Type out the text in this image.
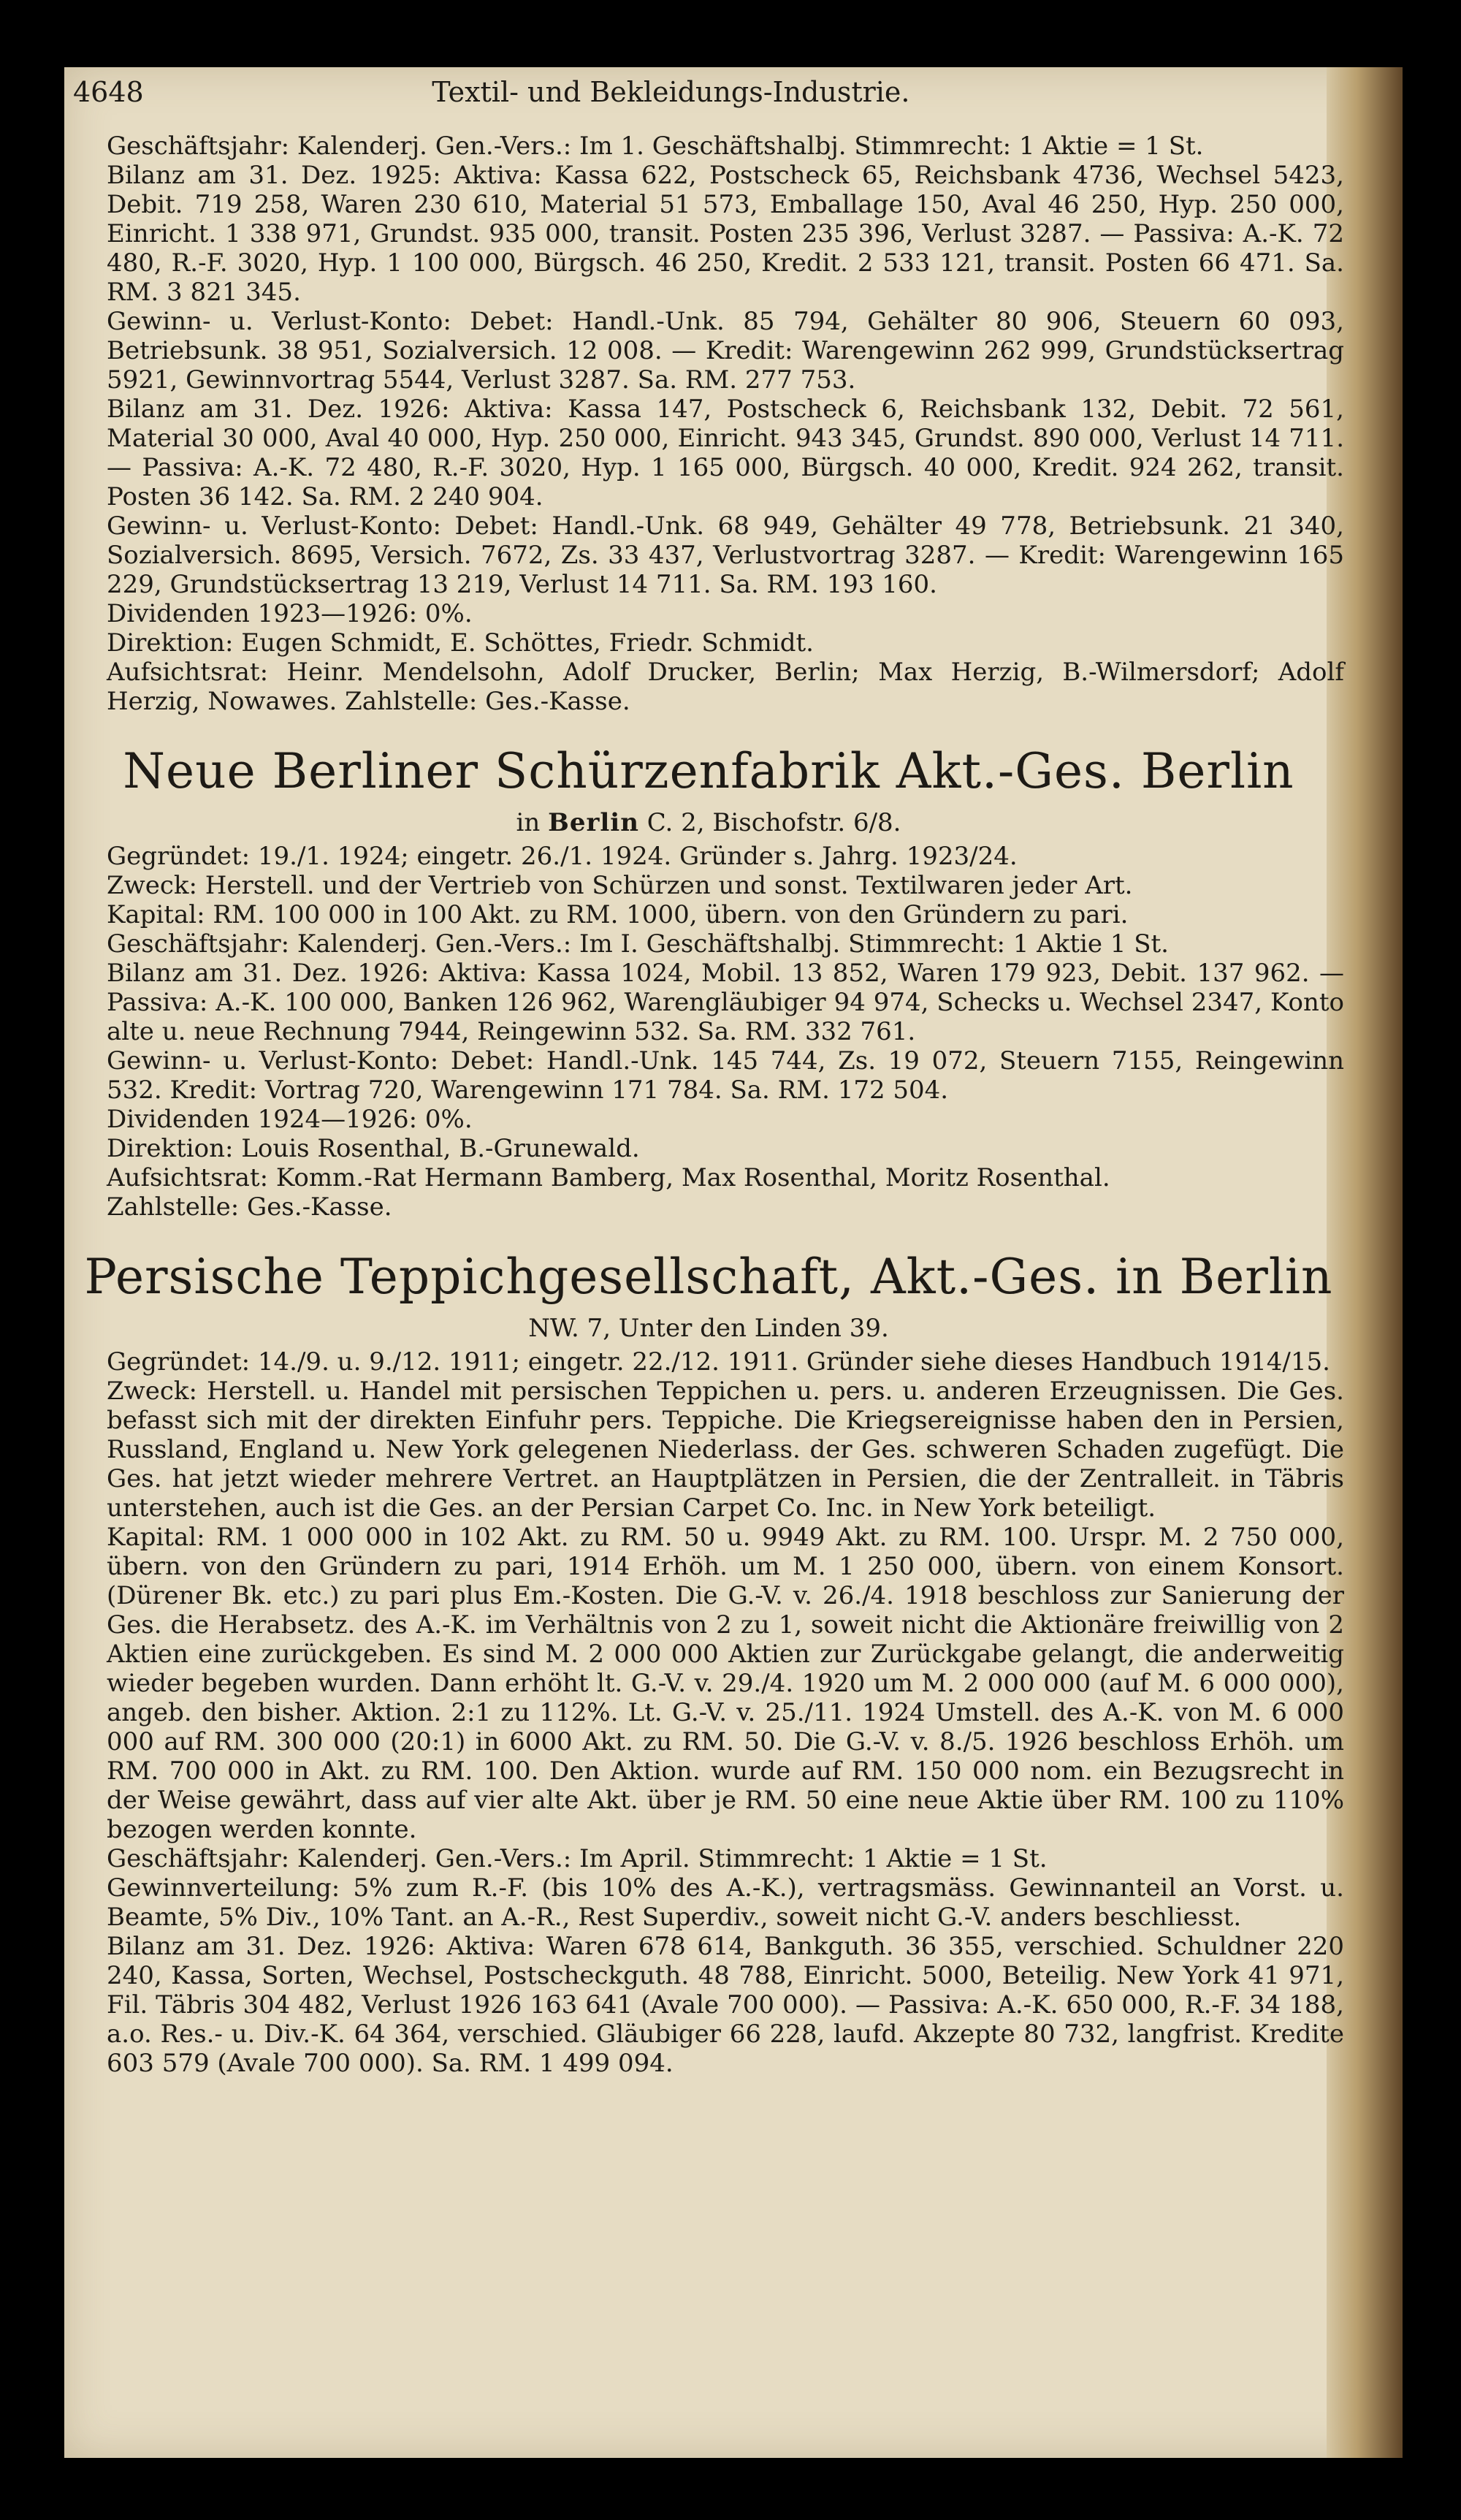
4648	Textil- und Bekleidungs-Industrie.

Geschäftsjahr: Kalenderj. Gen.-Vers.: Im 1. Geschäftshalbj. Stimmrecht: 1 Aktie = 1 St.

Bilanz am 31. Dez. 1925: Aktiva: Kassa 622, Postscheck 65, Reichsbank 4736, Wechsel 5423, Debit. 719 258, Waren 230 610, Material 51 573, Emballage 150, Aval 46 250, Hyp. 250 000, Einricht. 1 338 971, Grundst. 935 000, transit. Posten 235 396, Verlust 3287. — Passiva: A.-K. 72 480, R.-F. 3020, Hyp. 1 100 000, Bürgsch. 46 250, Kredit. 2 533 121, transit. Posten 66 471. Sa. RM. 3 821 345.

Gewinn- u. Verlust-Konto: Debet: Handl.-Unk. 85 794, Gehälter 80 906, Steuern 60 093, Betriebsunk. 38 951, Sozialversich. 12 008. — Kredit: Warengewinn 262 999, Grundstücksertrag 5921, Gewinnvortrag 5544, Verlust 3287. Sa. RM. 277 753.

Bilanz am 31. Dez. 1926: Aktiva: Kassa 147, Postscheck 6, Reichsbank 132, Debit. 72 561, Material 30 000, Aval 40 000, Hyp. 250 000, Einricht. 943 345, Grundst. 890 000, Verlust 14 711. — Passiva: A.-K. 72 480, R.-F. 3020, Hyp. 1 165 000, Bürgsch. 40 000, Kredit. 924 262, transit. Posten 36 142. Sa. RM. 2 240 904.

Gewinn- u. Verlust-Konto: Debet: Handl.-Unk. 68 949, Gehälter 49 778, Betriebsunk. 21 340, Sozialversich. 8695, Versich. 7672, Zs. 33 437, Verlustvortrag 3287. — Kredit: Warengewinn 165 229, Grundstücksertrag 13 219, Verlust 14 711. Sa. RM. 193 160.

Dividenden 1923—1926: 0%.

Direktion: Eugen Schmidt, E. Schöttes, Friedr. Schmidt.

Aufsichtsrat: Heinr. Mendelsohn, Adolf Drucker, Berlin; Max Herzig, B.-Wilmersdorf; Adolf Herzig, Nowawes. Zahlstelle: Ges.-Kasse.

Neue Berliner Schürzenfabrik Akt.-Ges. Berlin
in Berlin C. 2, Bischofstr. 6/8.

Gegründet: 19./1. 1924; eingetr. 26./1. 1924. Gründer s. Jahrg. 1923/24.

Zweck: Herstell. und der Vertrieb von Schürzen und sonst. Textilwaren jeder Art.

Kapital: RM. 100 000 in 100 Akt. zu RM. 1000, übern. von den Gründern zu pari.

Geschäftsjahr: Kalenderj. Gen.-Vers.: Im I. Geschäftshalbj. Stimmrecht: 1 Aktie 1 St.

Bilanz am 31. Dez. 1926: Aktiva: Kassa 1024, Mobil. 13 852, Waren 179 923, Debit. 137 962. — Passiva: A.-K. 100 000, Banken 126 962, Warengläubiger 94 974, Schecks u. Wechsel 2347, Konto alte u. neue Rechnung 7944, Reingewinn 532. Sa. RM. 332 761.

Gewinn- u. Verlust-Konto: Debet: Handl.-Unk. 145 744, Zs. 19 072, Steuern 7155, Reingewinn 532. Kredit: Vortrag 720, Warengewinn 171 784. Sa. RM. 172 504.

Dividenden 1924—1926: 0%.

Direktion: Louis Rosenthal, B.-Grunewald.

Aufsichtsrat: Komm.-Rat Hermann Bamberg, Max Rosenthal, Moritz Rosenthal.

Zahlstelle: Ges.-Kasse.

Persische Teppichgesellschaft, Akt.-Ges. in Berlin
NW. 7, Unter den Linden 39.

Gegründet: 14./9. u. 9./12. 1911; eingetr. 22./12. 1911. Gründer siehe dieses Handbuch 1914/15.

Zweck: Herstell. u. Handel mit persischen Teppichen u. pers. u. anderen Erzeugnissen. Die Ges. befasst sich mit der direkten Einfuhr pers. Teppiche. Die Kriegsereignisse haben den in Persien, Russland, England u. New York gelegenen Niederlass. der Ges. schweren Schaden zugefügt. Die Ges. hat jetzt wieder mehrere Vertret. an Hauptplätzen in Persien, die der Zentralleit. in Täbris unterstehen, auch ist die Ges. an der Persian Carpet Co. Inc. in New York beteiligt.

Kapital: RM. 1 000 000 in 102 Akt. zu RM. 50 u. 9949 Akt. zu RM. 100. Urspr. M. 2 750 000, übern. von den Gründern zu pari, 1914 Erhöh. um M. 1 250 000, übern. von einem Konsort. (Dürener Bk. etc.) zu pari plus Em.-Kosten. Die G.-V. v. 26./4. 1918 beschloss zur Sanierung der Ges. die Herabsetz. des A.-K. im Verhältnis von 2 zu 1, soweit nicht die Aktionäre freiwillig von 2 Aktien eine zurückgeben. Es sind M. 2 000 000 Aktien zur Zurückgabe gelangt, die anderweitig wieder begeben wurden. Dann erhöht lt. G.-V. v. 29./4. 1920 um M. 2 000 000 (auf M. 6 000 000), angeb. den bisher. Aktion. 2:1 zu 112%. Lt. G.-V. v. 25./11. 1924 Umstell. des A.-K. von M. 6 000 000 auf RM. 300 000 (20:1) in 6000 Akt. zu RM. 50. Die G.-V. v. 8./5. 1926 beschloss Erhöh. um RM. 700 000 in Akt. zu RM. 100. Den Aktion. wurde auf RM. 150 000 nom. ein Bezugsrecht in der Weise gewährt, dass auf vier alte Akt. über je RM. 50 eine neue Aktie über RM. 100 zu 110% bezogen werden konnte.

Geschäftsjahr: Kalenderj. Gen.-Vers.: Im April. Stimmrecht: 1 Aktie = 1 St.

Gewinnverteilung: 5% zum R.-F. (bis 10% des A.-K.), vertragsmäss. Gewinnanteil an Vorst. u. Beamte, 5% Div., 10% Tant. an A.-R., Rest Superdiv., soweit nicht G.-V. anders beschliesst.

Bilanz am 31. Dez. 1926: Aktiva: Waren 678 614, Bankguth. 36 355, verschied. Schuldner 220 240, Kassa, Sorten, Wechsel, Postscheckguth. 48 788, Einricht. 5000, Beteilig. New York 41 971, Fil. Täbris 304 482, Verlust 1926 163 641 (Avale 700 000). — Passiva: A.-K. 650 000, R.-F. 34 188, a.o. Res.- u. Div.-K. 64 364, verschied. Gläubiger 66 228, laufd. Akzepte 80 732, langfrist. Kredite 603 579 (Avale 700 000). Sa. RM. 1 499 094.
